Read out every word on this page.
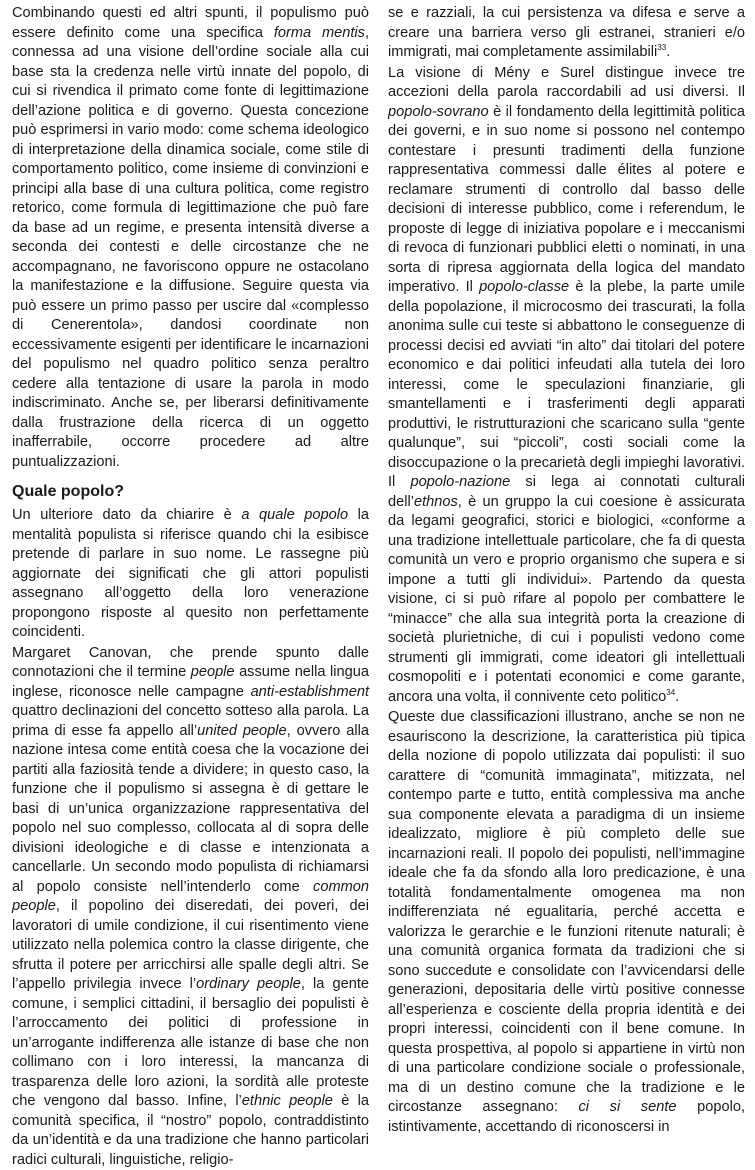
Combinando questi ed altri spunti, il populismo può essere definito come una specifica forma mentis, connessa ad una visione dell’ordine sociale alla cui base sta la credenza nelle virtù innate del popolo, di cui si rivendica il primato come fonte di legittimazione dell’azione politica e di governo. Questa concezione può esprimersi in vario modo: come schema ideologico di interpretazione della dinamica sociale, come stile di comportamento politico, come insieme di convinzioni e principi alla base di una cultura politica, come registro retorico, come formula di legittimazione che può fare da base ad un regime, e presenta intensità diverse a seconda dei contesti e delle circostanze che ne accompagnano, ne favoriscono oppure ne ostacolano la manifestazione e la diffusione. Seguire questa via può essere un primo passo per uscire dal «complesso di Cenerentola», dandosi coordinate non eccessivamente esigenti per identificare le incarnazioni del populismo nel quadro politico senza peraltro cedere alla tentazione di usare la parola in modo indiscriminato. Anche se, per liberarsi definitivamente dalla frustrazione della ricerca di un oggetto inafferrabile, occorre procedere ad altre puntualizzazioni.

Quale popolo?

Un ulteriore dato da chiarire è a quale popolo la mentalità populista si riferisce quando chi la esibisce pretende di parlare in suo nome. Le rassegne più aggiornate dei significati che gli attori populisti assegnano all’oggetto della loro venerazione propongono risposte al quesito non perfettamente coincidenti.

Margaret Canovan, che prende spunto dalle connotazioni che il termine people assume nella lingua inglese, riconosce nelle campagne anti-establishment quattro declinazioni del concetto sotteso alla parola. La prima di esse fa appello all’united people, ovvero alla nazione intesa come entità coesa che la vocazione dei partiti alla faziosità tende a dividere; in questo caso, la funzione che il populismo si assegna è di gettare le basi di un’unica organizzazione rappresentativa del popolo nel suo complesso, collocata al di sopra delle divisioni ideologiche e di classe e intenzionata a cancellarle. Un secondo modo populista di richiamarsi al popolo consiste nell’intenderlo come common people, il popolino dei diseredati, dei poveri, dei lavoratori di umile condizione, il cui risentimento viene utilizzato nella polemica contro la classe dirigente, che sfrutta il potere per arricchirsi alle spalle degli altri. Se l’appello privilegia invece l’ordinary people, la gente comune, i semplici cittadini, il bersaglio dei populisti è l’arroccamento dei politici di professione in un’arrogante indifferenza alle istanze di base che non collimano con i loro interessi, la mancanza di trasparenza delle loro azioni, la sordità alle proteste che vengono dal basso. Infine, l’ethnic people è la comunità specifica, il “nostro” popolo, contraddistinto da un’identità e da una tradizione che hanno particolari radici culturali, linguistiche, religio-

se e razziali, la cui persistenza va difesa e serve a creare una barriera verso gli estranei, stranieri e/o immigrati, mai completamente assimilabili$^{33}$.

La visione di Mény e Surel distingue invece tre accezioni della parola raccordabili ad usi diversi. Il popolo-sovrano è il fondamento della legittimità politica dei governi, e in suo nome si possono nel contempo contestare i presunti tradimenti della funzione rappresentativa commessi dalle élites al potere e reclamare strumenti di controllo dal basso delle decisioni di interesse pubblico, come i referendum, le proposte di legge di iniziativa popolare e i meccanismi di revoca di funzionari pubblici eletti o nominati, in una sorta di ripresa aggiornata della logica del mandato imperativo. Il popolo-classe è la plebe, la parte umile della popolazione, il microcosmo dei trascurati, la folla anonima sulle cui teste si abbattono le conseguenze di processi decisi ed avviati “in alto” dai titolari del potere economico e dai politici infeudati alla tutela dei loro interessi, come le speculazioni finanziarie, gli smantellamenti e i trasferimenti degli apparati produttivi, le ristrutturazioni che scaricano sulla “gente qualunque”, sui “piccoli”, costi sociali come la disoccupazione o la precarietà degli impieghi lavorativi. Il popolo-nazione si lega ai connotati culturali dell’ethnos, è un gruppo la cui coesione è assicurata da legami geografici, storici e biologici, «conforme a una tradizione intellettuale particolare, che fa di questa comunità un vero e proprio organismo che supera e si impone a tutti gli individui». Partendo da questa visione, ci si può rifare al popolo per combattere le “minacce” che alla sua integrità porta la creazione di società plurietniche, di cui i populisti vedono come strumenti gli immigrati, come ideatori gli intellettuali cosmopoliti e i potentati economici e come garante, ancora una volta, il connivente ceto politico$^{34}$.

Queste due classificazioni illustrano, anche se non ne esauriscono la descrizione, la caratteristica più tipica della nozione di popolo utilizzata dai populisti: il suo carattere di “comunità immaginata”, mitizzata, nel contempo parte e tutto, entità complessiva ma anche sua componente elevata a paradigma di un insieme idealizzato, migliore è più completo delle sue incarnazioni reali. Il popolo dei populisti, nell’immagine ideale che fa da sfondo alla loro predicazione, è una totalità fondamentalmente omogenea ma non indifferenziata né egualitaria, perché accetta e valorizza le gerarchie e le funzioni ritenute naturali; è una comunità organica formata da tradizioni che si sono succedute e consolidate con l’avvicendarsi delle generazioni, depositaria delle virtù positive connesse all’esperienza e cosciente della propria identità e dei propri interessi, coincidenti con il bene comune. In questa prospettiva, al popolo si appartiene in virtù non di una particolare condizione sociale o professionale, ma di un destino comune che la tradizione e le circostanze assegnano: ci si sente popolo, istintivamente, accettando di riconoscersi in
